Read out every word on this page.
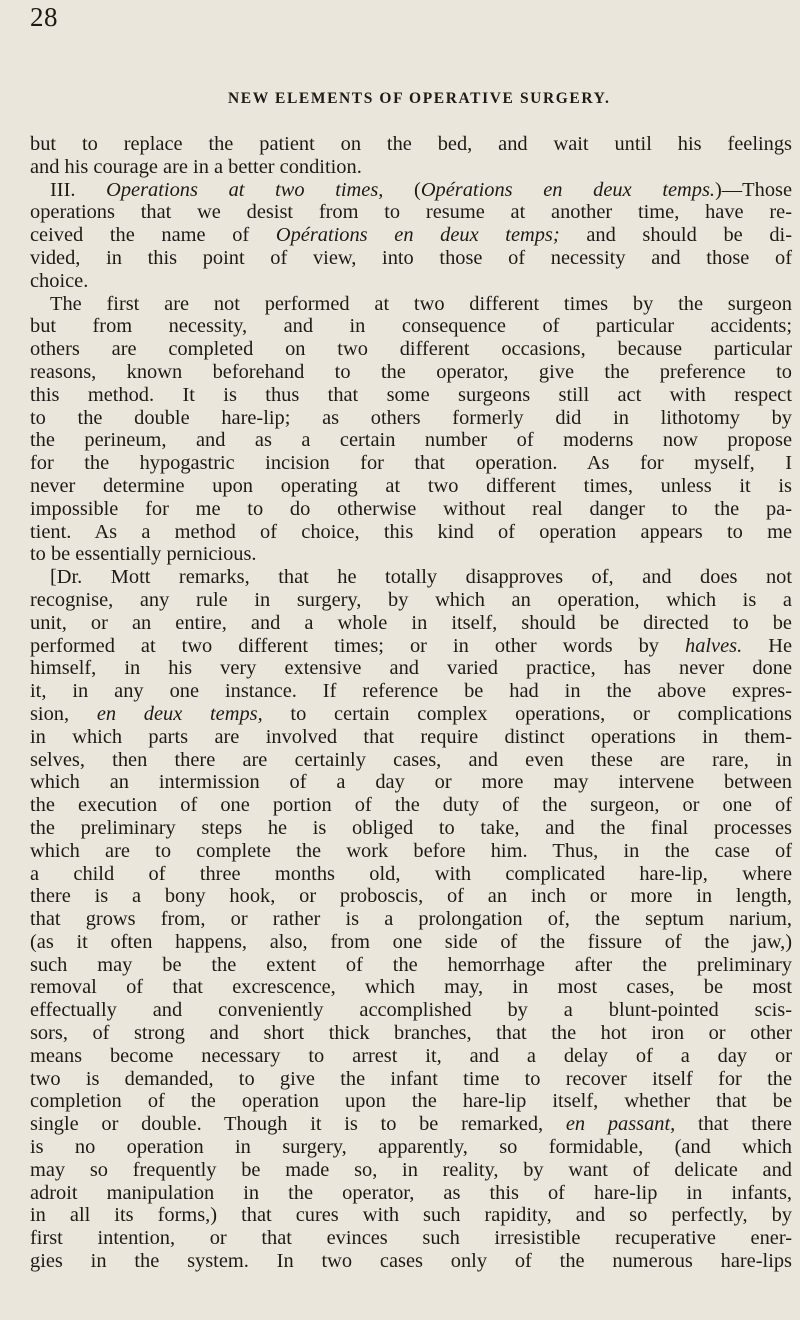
28
NEW ELEMENTS OF OPERATIVE SURGERY.
but to replace the patient on the bed, and wait until his feelings
and his courage are in a better condition.
III. Operations at two times, (Opérations en deux temps.)—Those
operations that we desist from to resume at another time, have re-
ceived the name of Opérations en deux temps; and should be di-
vided, in this point of view, into those of necessity and those of
choice.
The first are not performed at two different times by the surgeon
but from necessity, and in consequence of particular accidents;
others are completed on two different occasions, because particular
reasons, known beforehand to the operator, give the preference to
this method. It is thus that some surgeons still act with respect
to the double hare-lip; as others formerly did in lithotomy by
the perineum, and as a certain number of moderns now propose
for the hypogastric incision for that operation. As for myself, I
never determine upon operating at two different times, unless it is
impossible for me to do otherwise without real danger to the pa-
tient. As a method of choice, this kind of operation appears to me
to be essentially pernicious.
[Dr. Mott remarks, that he totally disapproves of, and does not
recognise, any rule in surgery, by which an operation, which is a
unit, or an entire, and a whole in itself, should be directed to be
performed at two different times; or in other words by halves. He
himself, in his very extensive and varied practice, has never done
it, in any one instance. If reference be had in the above expres-
sion, en deux temps, to certain complex operations, or complications
in which parts are involved that require distinct operations in them-
selves, then there are certainly cases, and even these are rare, in
which an intermission of a day or more may intervene between
the execution of one portion of the duty of the surgeon, or one of
the preliminary steps he is obliged to take, and the final processes
which are to complete the work before him. Thus, in the case of
a child of three months old, with complicated hare-lip, where
there is a bony hook, or proboscis, of an inch or more in length,
that grows from, or rather is a prolongation of, the septum narium,
(as it often happens, also, from one side of the fissure of the jaw,)
such may be the extent of the hemorrhage after the preliminary
removal of that excrescence, which may, in most cases, be most
effectually and conveniently accomplished by a blunt-pointed scis-
sors, of strong and short thick branches, that the hot iron or other
means become necessary to arrest it, and a delay of a day or
two is demanded, to give the infant time to recover itself for the
completion of the operation upon the hare-lip itself, whether that be
single or double. Though it is to be remarked, en passant, that there
is no operation in surgery, apparently, so formidable, (and which
may so frequently be made so, in reality, by want of delicate and
adroit manipulation in the operator, as this of hare-lip in infants,
in all its forms,) that cures with such rapidity, and so perfectly, by
first intention, or that evinces such irresistible recuperative ener-
gies in the system. In two cases only of the numerous hare-lips
